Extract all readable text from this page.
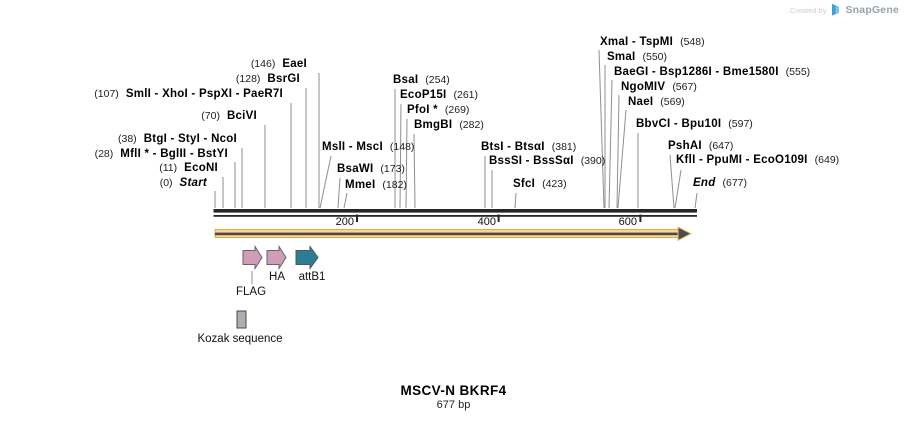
(0) Start
(11) EcoNI
(28) MflI * - BglII - BstYI
(38) BtgI - StyI - NcoI
(70) BciVI
(107) SmlI - XhoI - PspXI - PaeR7I
(128) BsrGI
(146) EaeI
MslI - MscI (148)
BsaWI (173)
MmeI (182)
BsaI (254)
EcoP15I (261)
PfoI * (269)
BmgBI (282)
BtsI - BtsαI (381)
BssSI - BssSαI (390)
SfcI (423)
XmaI - TspMI (548)
SmaI (550)
BaeGI - Bsp1286I - Bme1580I (555)
NgoMIV (567)
NaeI (569)
BbvCI - Bpu10I (597)
PshAI (647)
KflI - PpuMI - EcoO109I (649)
End (677)
200	400	600
HA attB1
FLAG
Kozak sequence
MSCV-N BKRF4
677 bp
Created by SnapGene
